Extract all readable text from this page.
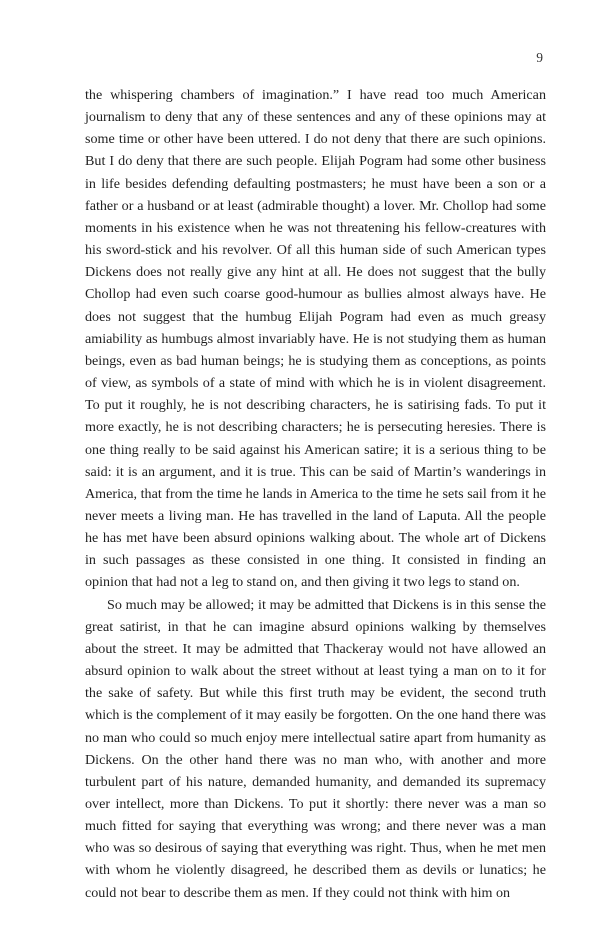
9

the whispering chambers of imagination.” I have read too much American journalism to deny that any of these sentences and any of these opinions may at some time or other have been uttered. I do not deny that there are such opinions. But I do deny that there are such people. Elijah Pogram had some other business in life besides defending defaulting postmasters; he must have been a son or a father or a husband or at least (admirable thought) a lover. Mr. Chollop had some moments in his existence when he was not threatening his fellow-creatures with his sword-stick and his revolver. Of all this human side of such American types Dickens does not really give any hint at all. He does not suggest that the bully Chollop had even such coarse good-humour as bullies almost always have. He does not suggest that the humbug Elijah Pogram had even as much greasy amiability as humbugs almost invariably have. He is not studying them as human beings, even as bad human beings; he is studying them as conceptions, as points of view, as symbols of a state of mind with which he is in violent disagreement. To put it roughly, he is not describing characters, he is satirising fads. To put it more exactly, he is not describing characters; he is persecuting heresies. There is one thing really to be said against his American satire; it is a serious thing to be said: it is an argument, and it is true. This can be said of Martin’s wanderings in America, that from the time he lands in America to the time he sets sail from it he never meets a living man. He has travelled in the land of Laputa. All the people he has met have been absurd opinions walking about. The whole art of Dickens in such passages as these consisted in one thing. It consisted in finding an opinion that had not a leg to stand on, and then giving it two legs to stand on.

So much may be allowed; it may be admitted that Dickens is in this sense the great satirist, in that he can imagine absurd opinions walking by themselves about the street. It may be admitted that Thackeray would not have allowed an absurd opinion to walk about the street without at least tying a man on to it for the sake of safety. But while this first truth may be evident, the second truth which is the complement of it may easily be forgotten. On the one hand there was no man who could so much enjoy mere intellectual satire apart from humanity as Dickens. On the other hand there was no man who, with another and more turbulent part of his nature, demanded humanity, and demanded its supremacy over intellect, more than Dickens. To put it shortly: there never was a man so much fitted for saying that everything was wrong; and there never was a man who was so desirous of saying that everything was right. Thus, when he met men with whom he violently disagreed, he described them as devils or lunatics; he could not bear to describe them as men. If they could not think with him on
